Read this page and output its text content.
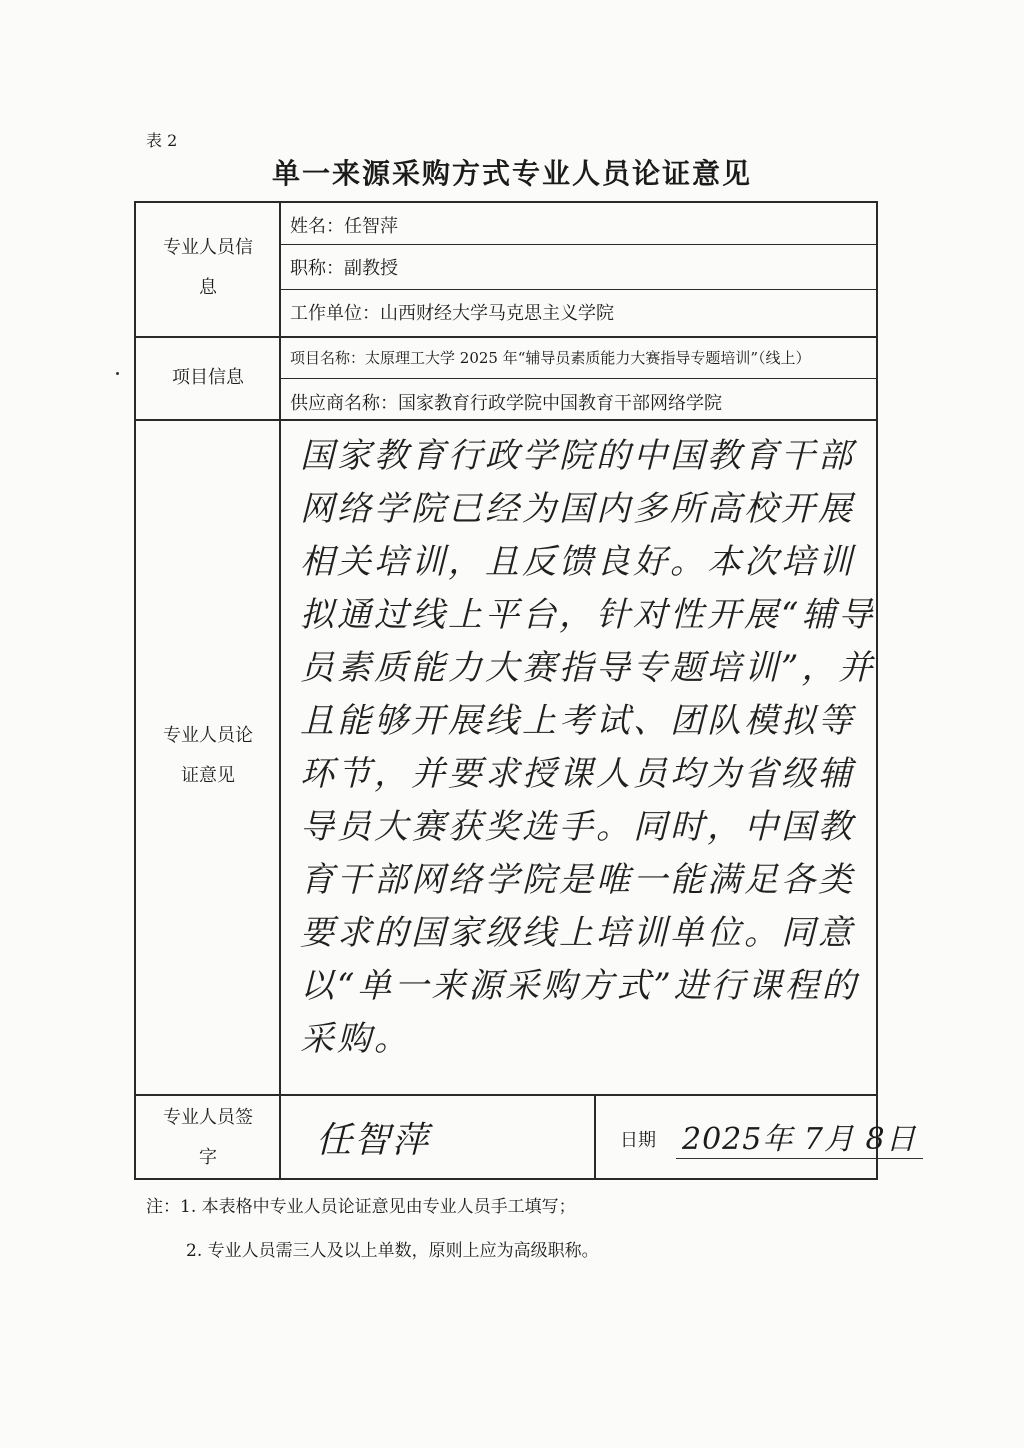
表 2
单一来源采购方式专业人员论证意见
专业人员信息
项目信息
专业人员论证意见
专业人员签字
姓名：任智萍
职称：副教授
工作单位：山西财经大学马克思主义学院
项目名称：太原理工大学 2025 年“辅导员素质能力大赛指导专题培训”（线上）
供应商名称：国家教育行政学院中国教育干部网络学院
国家教育行政学院的中国教育干部网络学院已经为国内多所高校开展相关培训，且反馈良好。本次培训拟通过线上平台，针对性开展“辅导员素质能力大赛指导专题培训”，并且能够开展线上考试、团队模拟等环节，并要求授课人员均为省级辅导员大赛获奖选手。同时，中国教育干部网络学院是唯一能满足各类要求的国家级线上培训单位。同意以“单一来源采购方式”进行课程的采购。
任智萍	日期 2025年 7月 8日
注：1. 本表格中专业人员论证意见由专业人员手工填写；
2. 专业人员需三人及以上单数，原则上应为高级职称。
